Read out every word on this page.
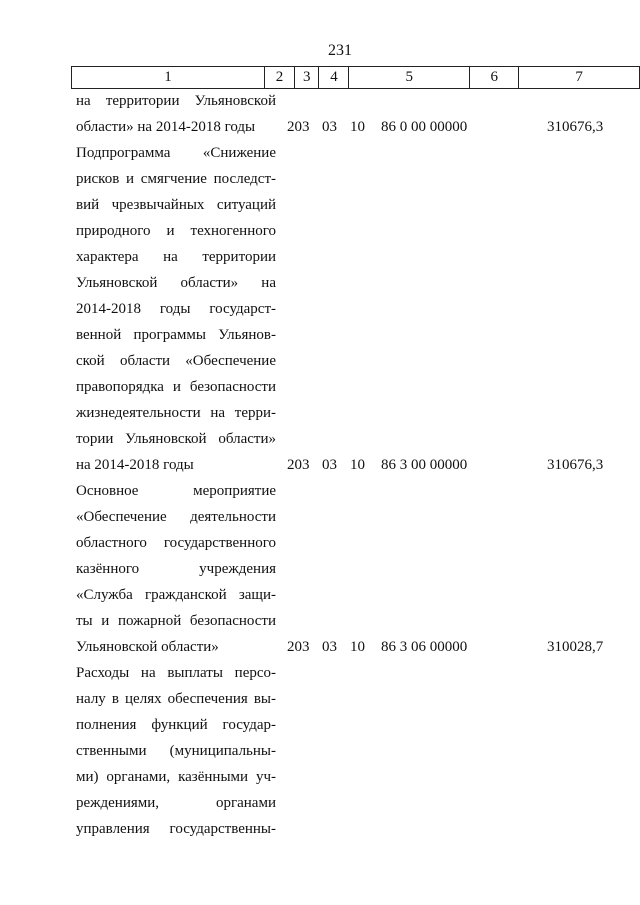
231
1	2	3	4	5	6	7
на территории Ульяновской
области» на 2014-2018 годы	203 03 10 86 0 00 00000	310676,3
Подпрограмма «Снижение
рисков и смягчение последст-
вий чрезвычайных ситуаций
природного и техногенного
характера на территории
Ульяновской области» на
2014-2018 годы государст-
венной программы Ульянов-
ской области «Обеспечение
правопорядка и безопасности
жизнедеятельности на терри-
тории Ульяновской области»
на 2014-2018 годы	203 03 10 86 3 00 00000	310676,3
Основное мероприятие
«Обеспечение деятельности
областного государственного
казённого учреждения
«Служба гражданской защи-
ты и пожарной безопасности
Ульяновской области»	203 03 10 86 3 06 00000	310028,7
Расходы на выплаты персо-
налу в целях обеспечения вы-
полнения функций государ-
ственными (муниципальны-
ми) органами, казёнными уч-
реждениями, органами
управления государственны-
